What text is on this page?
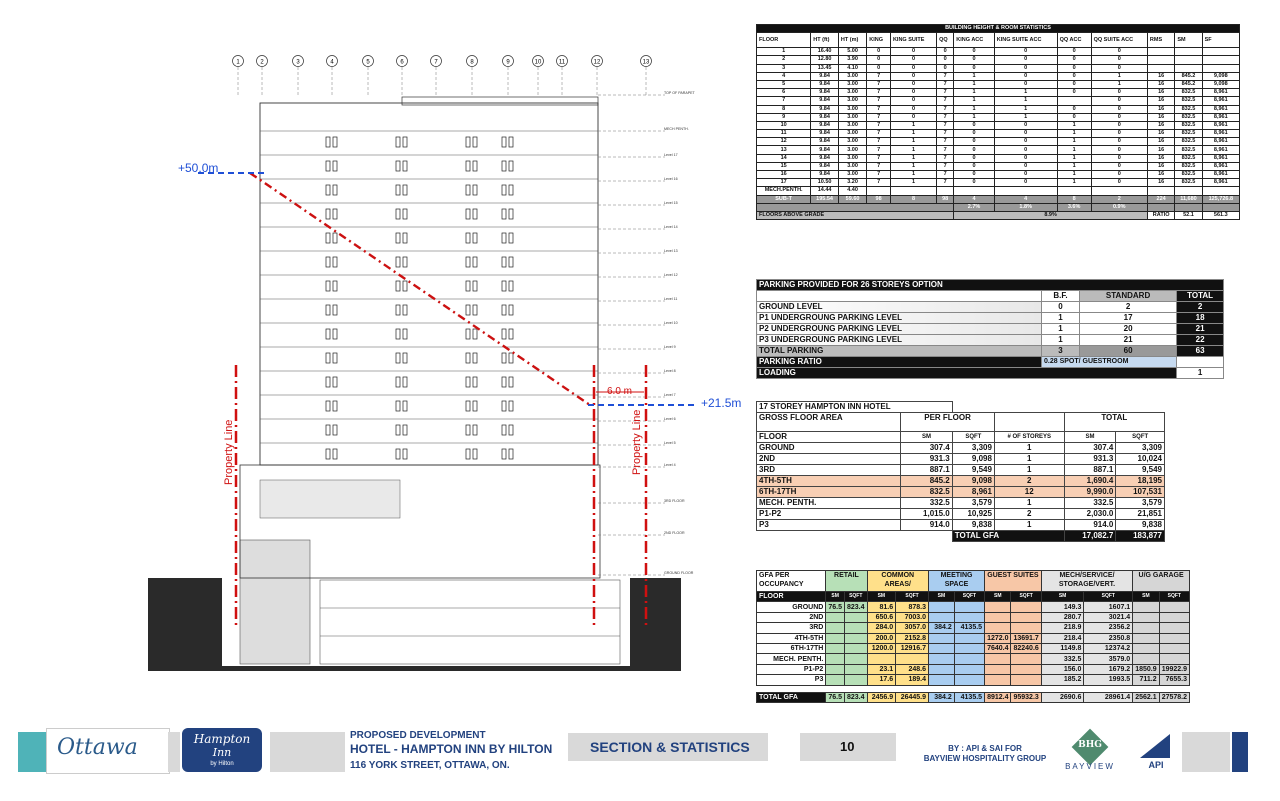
1	2	3	4	5	6	7	8	9	10	11	12	13
TOP OF PARAPET
MECH PENTH.
Level 17
Level 16
Level 15
Level 14
Level 13
Level 12
Level 11
Level 10
Level 9
Level 8
Level 7
Level 6
Level 5
Level 4
3RD FLOOR
2ND FLOOR
GROUND FLOOR
Property Line	Property Line
+50.0m
6.0 m
+21.5m
BUILDING HEIGHT & ROOM STATISTICS												
FLOOR	HT (ft)	HT (m)	KING	KING SUITE	QQ	KING ACC	KING SUITE ACC	QQ ACC	QQ SUITE ACC	RMS	SM	SF
1	16.40	5.00	0	0	0	0	0	0	0			
2	12.80	3.90	0	0	0	0	0	0	0			
3	13.45	4.10	0	0	0	0	0	0	0			
4	9.84	3.00	7	0	7	1	0	0	1	16	845.2	9,098
5	9.84	3.00	7	0	7	1	0	0	1	16	845.2	9,098
6	9.84	3.00	7	0	7	1	1	0	0	16	832.5	8,961
7	9.84	3.00	7	0	7	1	1		0	16	832.5	8,961
8	9.84	3.00	7	0	7	1	1	0	0	16	832.5	8,961
9	9.84	3.00	7	0	7	1	1	0	0	16	832.5	8,961
10	9.84	3.00	7	1	7	0	0	1	0	16	832.5	8,961
11	9.84	3.00	7	1	7	0	0	1	0	16	832.5	8,961
12	9.84	3.00	7	1	7	0	0	1	0	16	832.5	8,961
13	9.84	3.00	7	1	7	0	0	1	0	16	832.5	8,961
14	9.84	3.00	7	1	7	0	0	1	0	16	832.5	8,961
15	9.84	3.00	7	1	7	0	0	1	0	16	832.5	8,961
16	9.84	3.00	7	1	7	0	0	1	0	16	832.5	8,961
17	10.50	3.20	7	1	7	0	0	1	0	16	832.5	8,961
MECH.PENTH.	14.44	4.40										
SUB-T	195.54	59.60	98	8	98	4	4	8	2	224	11,680	125,726.8
						2.7%	1.8%	3.6%	0.9%			
FLOORS ABOVE GRADE						8.9%				RATIO	52.1	561.3
PARKING PROVIDED FOR 26 STOREYS OPTION			
	B.F.	STANDARD	TOTAL
GROUND LEVEL	0	2	2
P1 UNDERGROUNG PARKING LEVEL	1	17	18
P2 UNDERGROUNG PARKING LEVEL	1	20	21
P3 UNDERGROUNG PARKING LEVEL	1	21	22
TOTAL PARKING	3	60	63
PARKING RATIO	0.28 SPOT/ GUESTROOM		
LOADING			1
17 STOREY HAMPTON INN HOTEL					
GROSS FLOOR AREA	PER FLOOR			TOTAL	
FLOOR	SM	SQFT	# OF STOREYS	SM	SQFT
GROUND	307.4	3,309	1	307.4	3,309
2ND	931.3	9,098	1	931.3	10,024
3RD	887.1	9,549	1	887.1	9,549
4TH-5TH	845.2	9,098	2	1,690.4	18,195
6TH-17TH	832.5	8,961	12	9,990.0	107,531
MECH. PENTH.	332.5	3,579	1	332.5	3,579
P1-P2	1,015.0	10,925	2	2,030.0	21,851
P3	914.0	9,838	1	914.0	9,838
		TOTAL GFA		17,082.7	183,877
GFA PER OCCUPANCY	RETAIL		COMMON AREAS/		MEETING SPACE		GUEST SUITES		MECH/SERVICE/ STORAGE/VERT.		U/G GARAGE	
FLOOR	SM	SQFT	SM	SQFT	SM	SQFT	SM	SQFT	SM	SQFT	SM	SQFT
GROUND	76.5	823.4	81.6	878.3					149.3	1607.1		
2ND			650.6	7003.0					280.7	3021.4		
3RD			284.0	3057.0	384.2	4135.5			218.9	2356.2		
4TH-5TH			200.0	2152.8			1272.0	13691.7	218.4	2350.8		
6TH-17TH			1200.0	12916.7			7640.4	82240.6	1149.8	12374.2		
MECH. PENTH.									332.5	3579.0		
P1-P2			23.1	248.6					156.0	1679.2	1850.9	19922.9
P3			17.6	189.4					185.2	1993.5	711.2	7655.3

TOTAL GFA	76.5	823.4	2456.9	26445.9	384.2	4135.5	8912.4	95932.3	2690.6	28961.4	2562.1	27578.2
Ottawa	Hampton
Inn
by Hilton
PROPOSED DEVELOPMENT
HOTEL - HAMPTON INN BY HILTON
116 YORK STREET, OTTAWA, ON.
SECTION & STATISTICS	10	BY : API & SAI FOR
BAYVIEW HOSPITALITY GROUP
BHG
BAYVIEW	API
